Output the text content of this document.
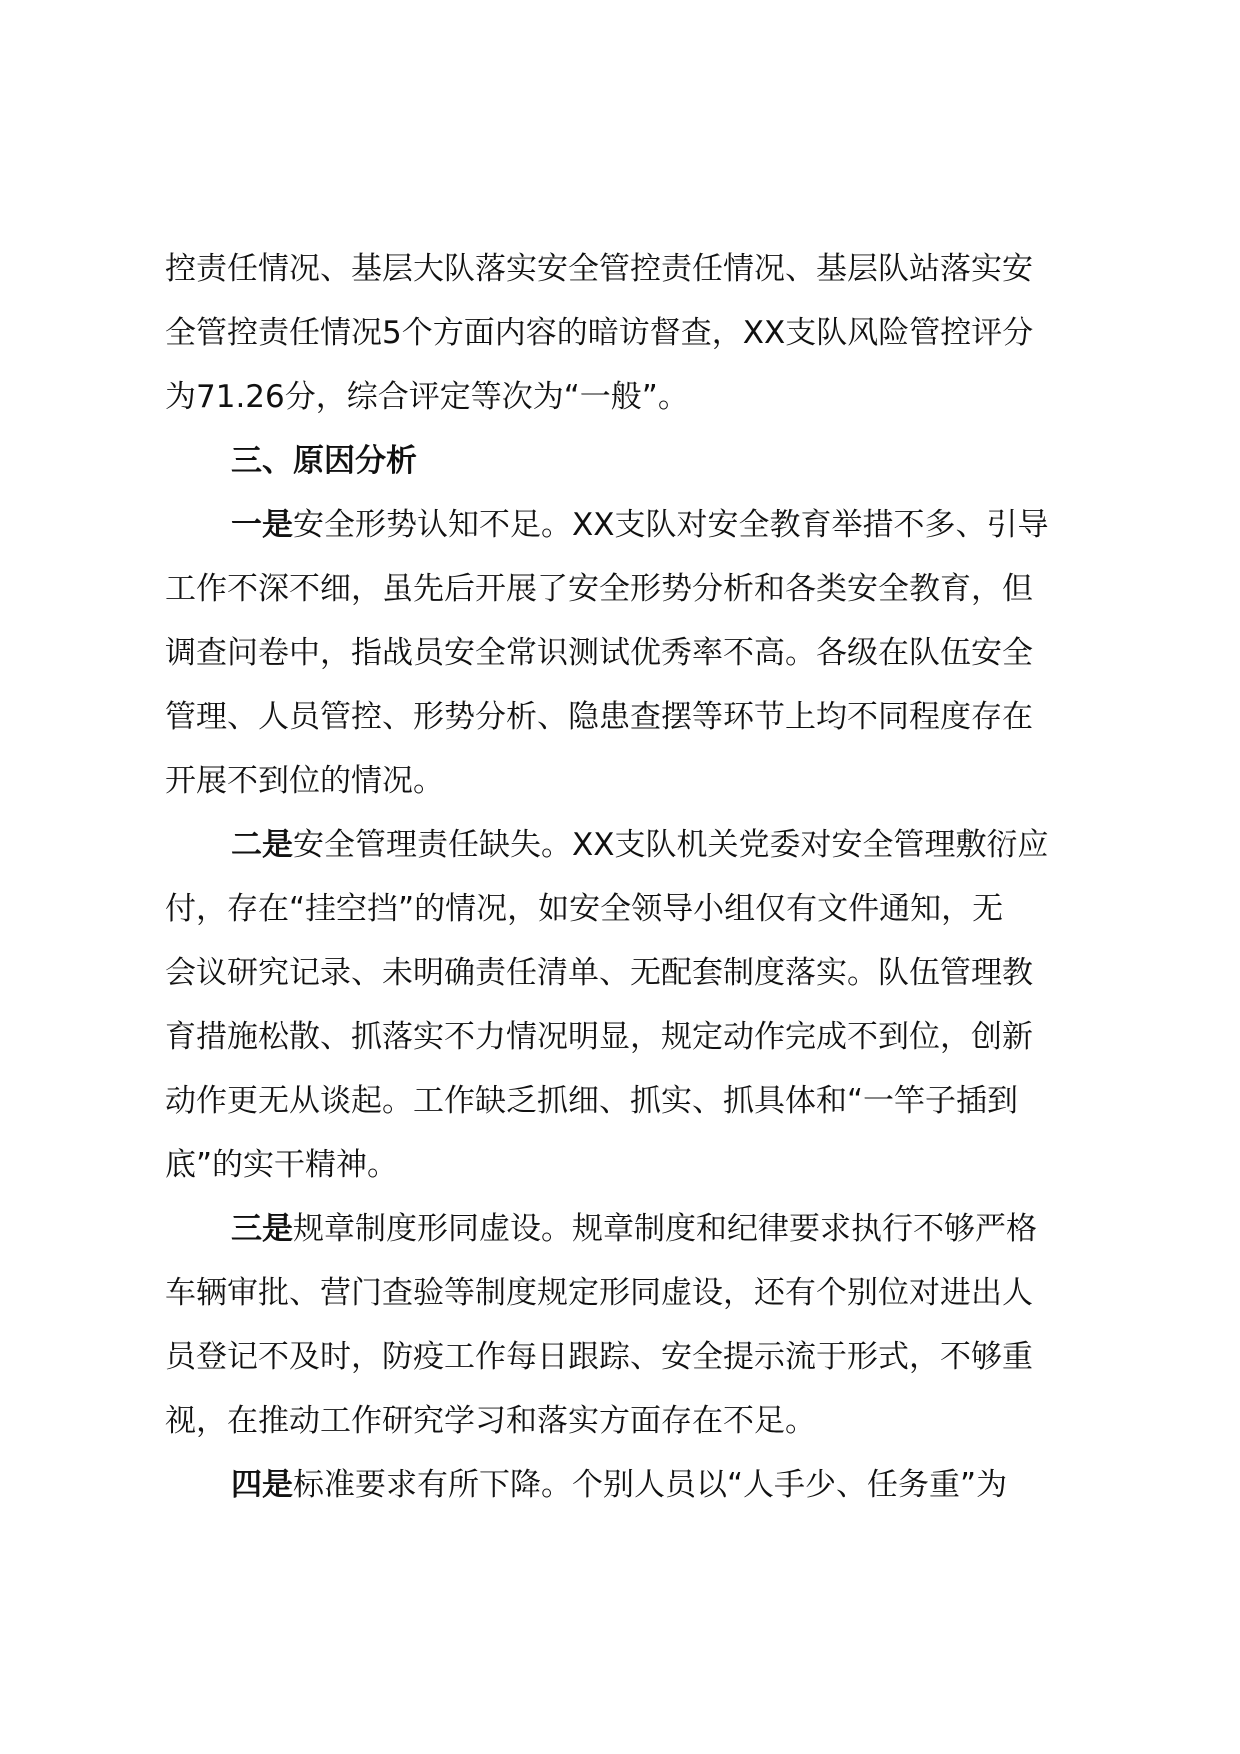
控责任情况、基层大队落实安全管控责任情况、基层队站落实安
全管控责任情况5个方面内容的暗访督查，XX支队风险管控评分
为71.26分，综合评定等次为“一般”。
三、原因分析
一是安全形势认知不足。XX支队对安全教育举措不多、引导
工作不深不细，虽先后开展了安全形势分析和各类安全教育，但
调查问卷中，指战员安全常识测试优秀率不高。各级在队伍安全
管理、人员管控、形势分析、隐患查摆等环节上均不同程度存在
开展不到位的情况。
二是安全管理责任缺失。XX支队机关党委对安全管理敷衍应
付，存在“挂空挡”的情况，如安全领导小组仅有文件通知，无
会议研究记录、未明确责任清单、无配套制度落实。队伍管理教
育措施松散、抓落实不力情况明显，规定动作完成不到位，创新
动作更无从谈起。工作缺乏抓细、抓实、抓具体和“一竿子插到
底”的实干精神。
三是规章制度形同虚设。规章制度和纪律要求执行不够严格
车辆审批、营门查验等制度规定形同虚设，还有个别位对进出人
员登记不及时，防疫工作每日跟踪、安全提示流于形式，不够重
视，在推动工作研究学习和落实方面存在不足。
四是标准要求有所下降。个别人员以“人手少、任务重”为
